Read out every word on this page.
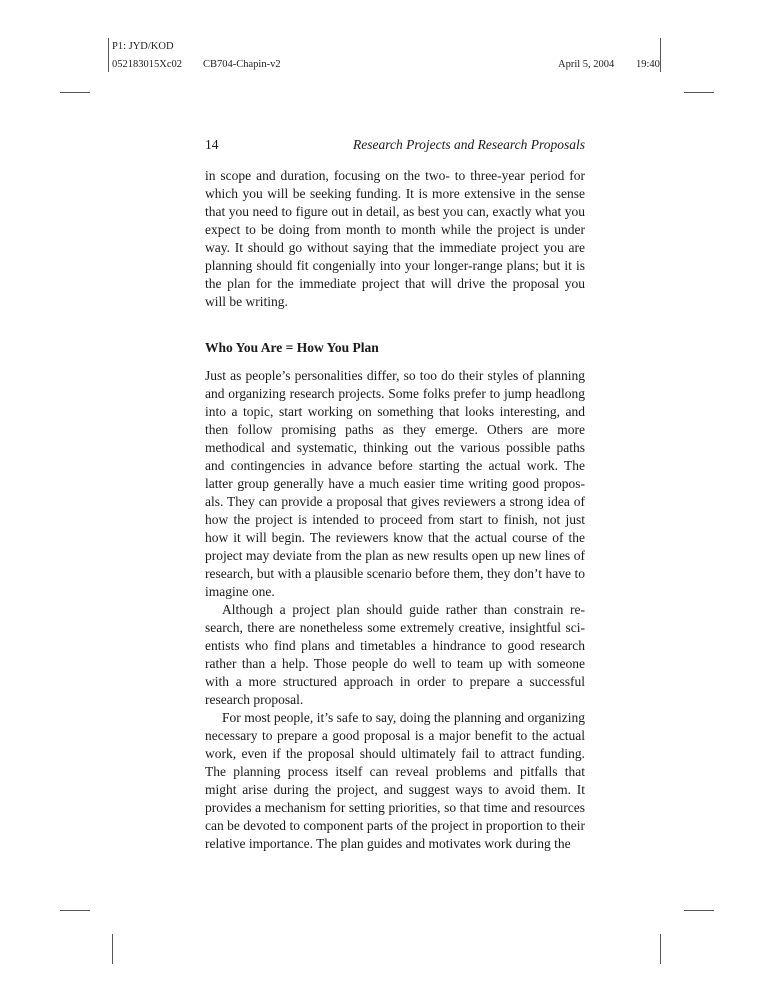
P1: JYD/KOD
052183015Xc02 CB704-Chapin-v2	April 5, 2004 19:40
14	Research Projects and Research Proposals

in scope and duration, focusing on the two- to three-year period for which you will be seeking funding. It is more extensive in the sense that you need to figure out in detail, as best you can, exactly what you expect to be doing from month to month while the project is under way. It should go without saying that the immediate project you are planning should fit congenially into your longer-range plans; but it is the plan for the immediate project that will drive the proposal you will be writing.

Who You Are = How You Plan

Just as people’s personalities differ, so too do their styles of planning and organizing research projects. Some folks prefer to jump headlong into a topic, start working on something that looks interesting, and then follow promising paths as they emerge. Others are more methodical and systematic, thinking out the various possible paths and contingencies in advance before starting the actual work. The latter group generally have a much easier time writing good proposals. They can provide a proposal that gives reviewers a strong idea of how the project is intended to proceed from start to finish, not just how it will begin. The reviewers know that the actual course of the project may deviate from the plan as new results open up new lines of research, but with a plausible scenario before them, they don’t have to imagine one.

Although a project plan should guide rather than constrain research, there are nonetheless some extremely creative, insightful scientists who find plans and timetables a hindrance to good research rather than a help. Those people do well to team up with someone with a more structured approach in order to prepare a successful research proposal.

For most people, it’s safe to say, doing the planning and organizing necessary to prepare a good proposal is a major benefit to the actual work, even if the proposal should ultimately fail to attract funding. The planning process itself can reveal problems and pitfalls that might arise during the project, and suggest ways to avoid them. It provides a mechanism for setting priorities, so that time and resources can be devoted to component parts of the project in proportion to their relative importance. The plan guides and motivates work during the
